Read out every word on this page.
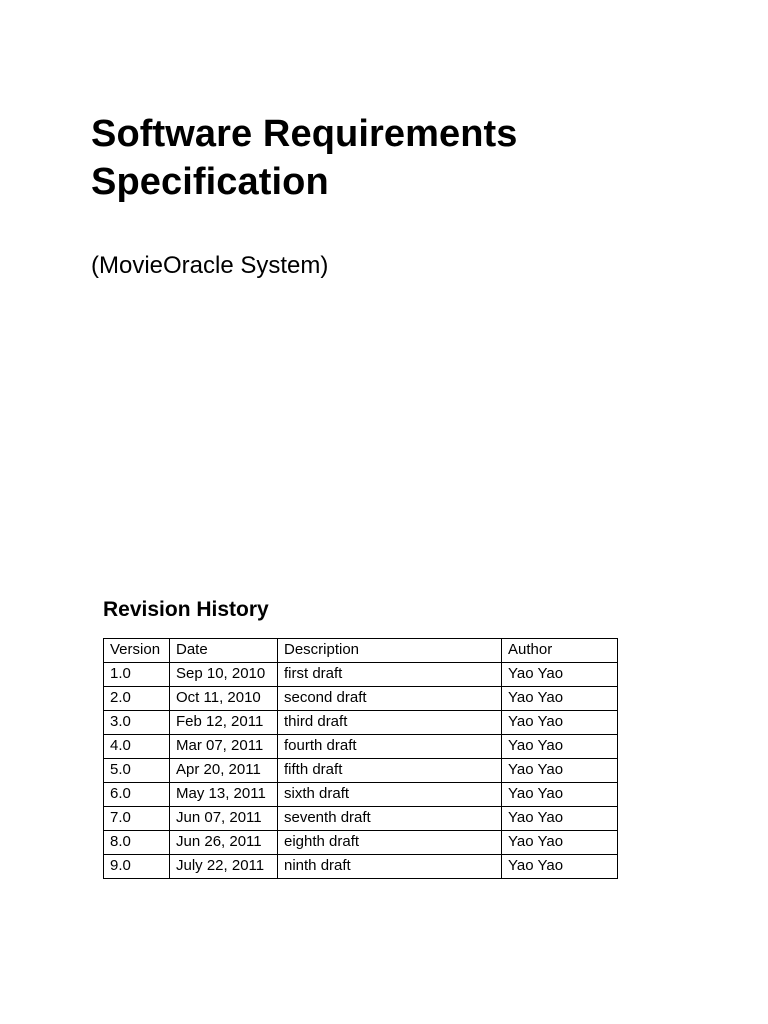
Software Requirements
Specification

(MovieOracle System)

Revision History
Version	Date	Description	Author
1.0	Sep 10, 2010	first draft	Yao Yao
2.0	Oct 11, 2010	second draft	Yao Yao
3.0	Feb 12, 2011	third draft	Yao Yao
4.0	Mar 07, 2011	fourth draft	Yao Yao
5.0	Apr 20, 2011	fifth draft	Yao Yao
6.0	May 13, 2011	sixth draft	Yao Yao
7.0	Jun 07, 2011	seventh draft	Yao Yao
8.0	Jun 26, 2011	eighth draft	Yao Yao
9.0	July 22, 2011	ninth draft	Yao Yao
